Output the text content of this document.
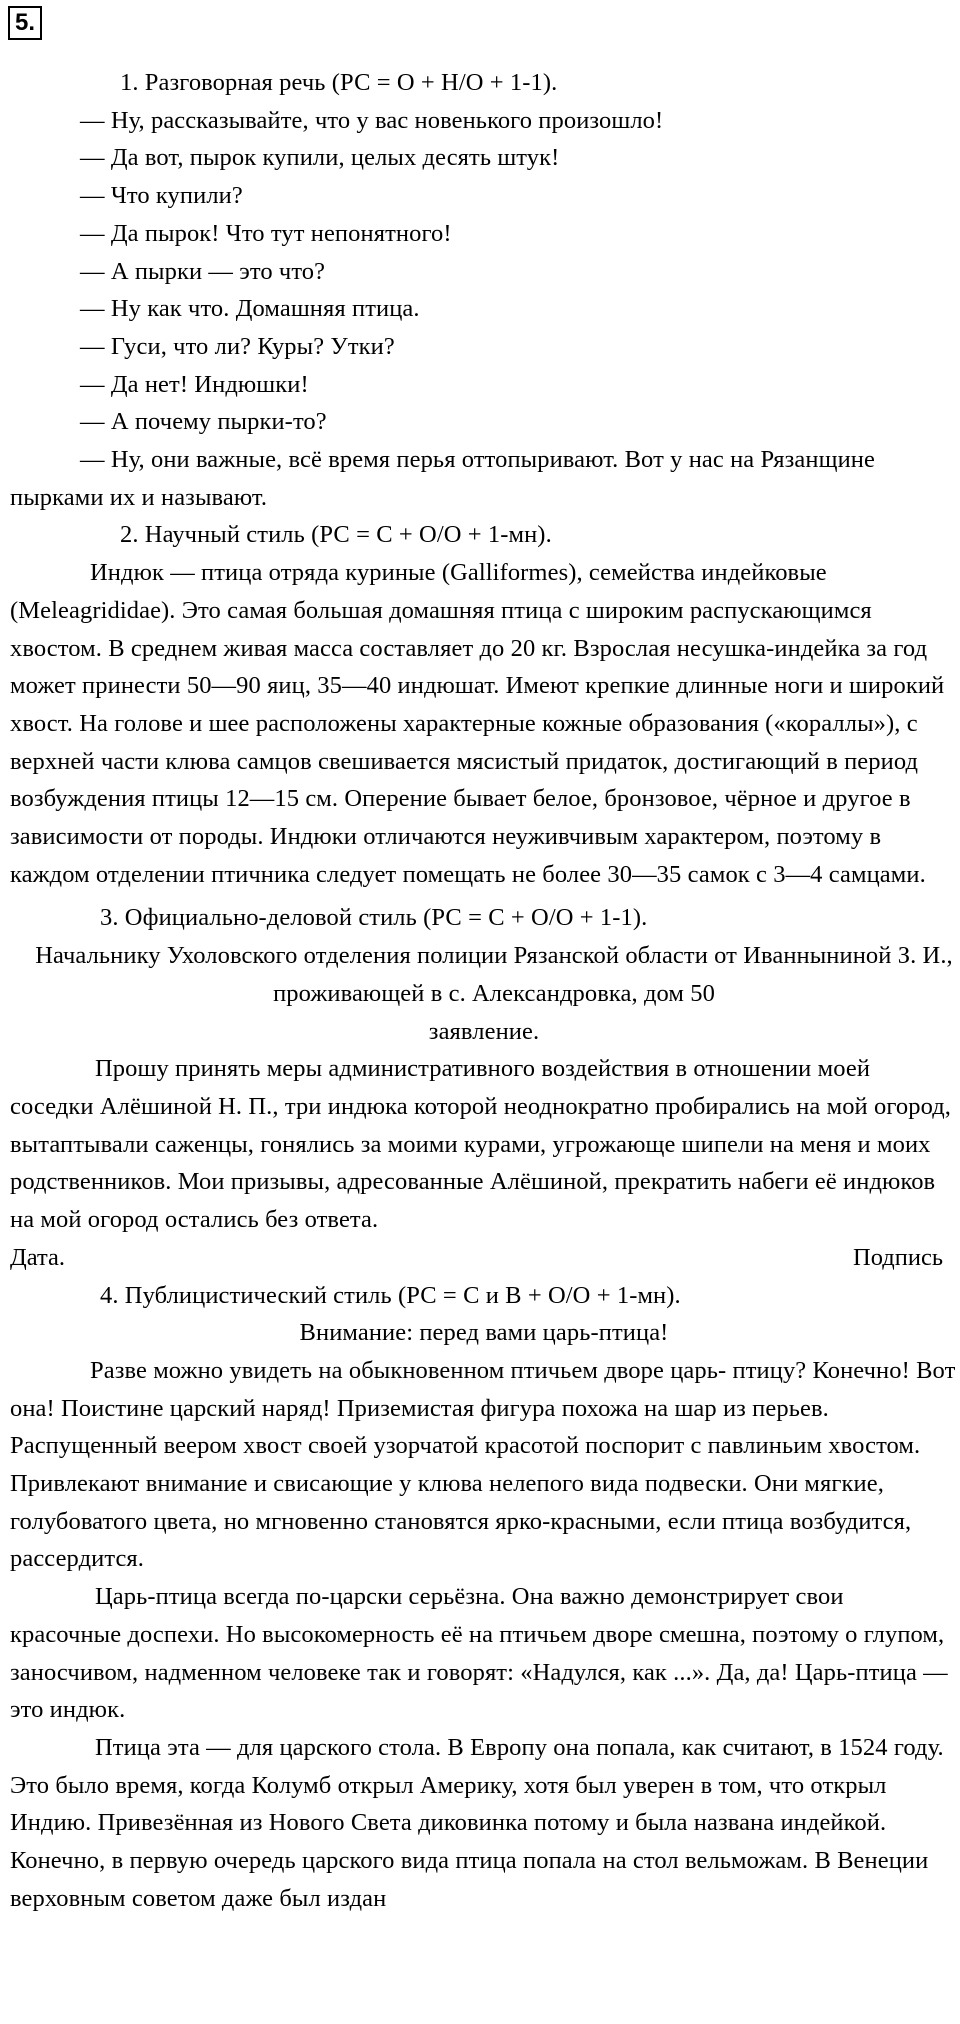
5.

1. Разговорная речь (РС = О + Н/О + 1-1).

— Ну, рассказывайте, что у вас новенького произошло!

— Да вот, пырок купили, целых десять штук!

— Что купили?

— Да пырок! Что тут непонятного!

— А пырки — это что?

— Ну как что. Домашняя птица.

— Гуси, что ли? Куры? Утки?

— Да нет! Индюшки!

— А почему пырки-то?

— Ну, они важные, всё время перья оттопыривают. Вот у нас на Рязанщине пырками их и называют.

2. Научный стиль (РС = С + О/О + 1-мн).

Индюк — птица отряда куриные (Galliformes), семейства индейковые (Meleagrididae). Это самая большая домашняя птица с широким распускающимся хвостом. В среднем живая масса составляет до 20 кг. Взрослая несушка-индейка за год может принести 50—90 яиц, 35—40 индюшат. Имеют крепкие длинные ноги и широкий хвост. На голове и шее расположены характерные кожные образования («кораллы»), с верхней части клюва самцов свешивается мясистый придаток, достигающий в период возбуждения птицы 12—15 см. Оперение бывает белое, бронзовое, чёрное и другое в зависимости от породы. Индюки отличаются неуживчивым характером, поэтому в каждом отделении птичника следует помещать не более 30—35 самок с 3—4 самцами.

3. Официально-деловой стиль (РС = С + О/О + 1-1).

Начальнику Ухоловского отделения полиции Рязанской области от Иванныниной З. И., проживающей в с. Александровка, дом 50

заявление.

Прошу принять меры административного воздействия в отношении моей соседки Алёшиной Н. П., три индюка которой неоднократно пробирались на мой огород, вытаптывали саженцы, гонялись за моими курами, угрожающе шипели на меня и моих родственников. Мои призывы, адресованные Алёшиной, прекратить набеги её индюков на мой огород остались без ответа.

Дата.	Подпись

4. Публицистический стиль (РС = С и В + О/О + 1-мн).

Внимание: перед вами царь-птица!

Разве можно увидеть на обыкновенном птичьем дворе царь- птицу? Конечно! Вот она! Поистине царский наряд! Приземистая фигура похожа на шар из перьев. Распущенный веером хвост своей узорчатой красотой поспорит с павлиньим хвостом. Привлекают внимание и свисающие у клюва нелепого вида подвески. Они мягкие, голубоватого цвета, но мгновенно становятся ярко-красными, если птица возбудится, рассердится.

Царь-птица всегда по-царски серьёзна. Она важно демонстрирует свои красочные доспехи. Но высокомерность её на птичьем дворе смешна, поэтому о глупом, заносчивом, надменном человеке так и говорят: «Надулся, как ...». Да, да! Царь-птица — это индюк.

Птица эта — для царского стола. В Европу она попала, как считают, в 1524 году. Это было время, когда Колумб открыл Америку, хотя был уверен в том, что открыл Индию. Привезённая из Нового Света диковинка потому и была названа индейкой. Конечно, в первую очередь царского вида птица попала на стол вельможам. В Венеции верховным советом даже был издан
